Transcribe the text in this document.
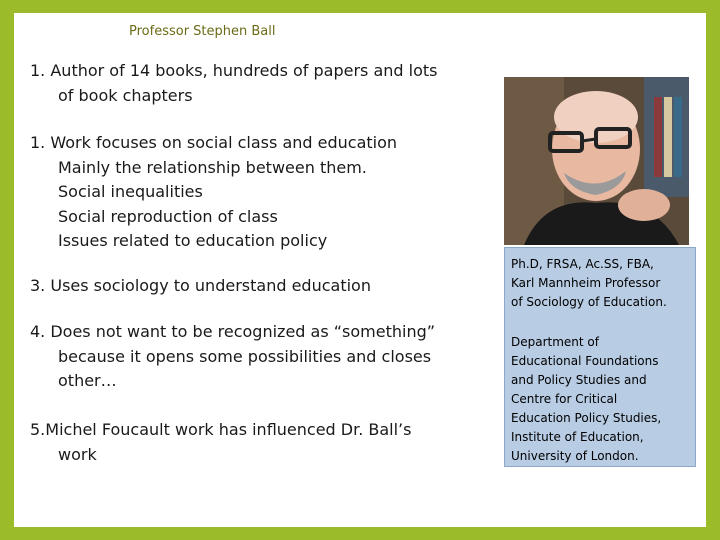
Professor Stephen Ball
1. Author of 14 books, hundreds of papers and lots
of book chapters
1. Work focuses on social class and education
Mainly the relationship between them.
Social inequalities
Social reproduction of class
Issues related to education policy
3. Uses sociology to understand education
4. Does not want to be recognized as “something”
because it opens some possibilities and closes
other…
5.Michel Foucault work has influenced Dr. Ball’s
work
Ph.D, FRSA, Ac.SS, FBA,
Karl Mannheim Professor
of Sociology of Education.
Department of
Educational Foundations
and Policy Studies and
Centre for Critical
Education Policy Studies,
Institute of Education,
University of London.
